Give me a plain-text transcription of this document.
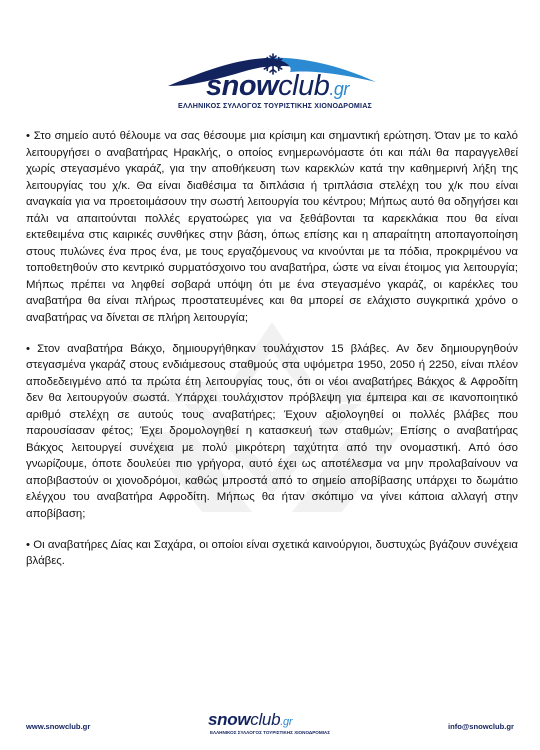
snowclub.gr
ΕΛΛΗΝΙΚΟΣ ΣΥΛΛΟΓΟΣ ΤΟΥΡΙΣΤΙΚΗΣ ΧΙΟΝΟΔΡΟΜΙΑΣ

• Στο σημείο αυτό θέλουμε να σας θέσουμε μια κρίσιμη και σημαντική ερώτηση. Όταν με το καλό λειτουργήσει ο αναβατήρας Ηρακλής, ο οποίος ενημερωνόμαστε ότι και πάλι θα παραγγελθεί χωρίς στεγασμένο γκαράζ, για την αποθήκευση των καρεκλών κατά την καθημερινή λήξη της λειτουργίας του χ/κ. Θα είναι διαθέσιμα τα διπλάσια ή τριπλάσια στελέχη του χ/κ που είναι αναγκαία για να προετοιμάσουν την σωστή λειτουργία του κέντρου; Μήπως αυτό θα οδηγήσει και πάλι να απαιτούνται πολλές εργατοώρες για να ξεθάβονται τα καρεκλάκια που θα είναι εκτεθειμένα στις καιρικές συνθήκες στην βάση, όπως επίσης και η απαραίτητη αποπαγοποίηση στους πυλώνες ένα προς ένα, με τους εργαζόμενους να κινούνται με τα πόδια, προκριμένου να τοποθετηθούν στο κεντρικό συρματόσχοινο του αναβατήρα, ώστε να είναι έτοιμος για λειτουργία; Μήπως πρέπει να ληφθεί σοβαρά υπόψη ότι με ένα στεγασμένο γκαράζ, οι καρέκλες του αναβατήρα θα είναι πλήρως προστατευμένες και θα μπορεί σε ελάχιστο συγκριτικά χρόνο ο αναβατήρας να δίνεται σε πλήρη λειτουργία;

• Στον αναβατήρα Βάκχο, δημιουργήθηκαν τουλάχιστον 15 βλάβες. Αν δεν δημιουργηθούν στεγασμένα γκαράζ στους ενδιάμεσους σταθμούς στα υψόμετρα 1950, 2050 ή 2250, είναι πλέον αποδεδειγμένο από τα πρώτα έτη λειτουργίας τους, ότι οι νέοι αναβατήρες Βάκχος & Αφροδίτη δεν θα λειτουργούν σωστά. Υπάρχει τουλάχιστον πρόβλεψη για έμπειρα και σε ικανοποιητικό αριθμό στελέχη σε αυτούς τους αναβατήρες; Έχουν αξιολογηθεί οι πολλές βλάβες που παρουσίασαν φέτος; Έχει δρομολογηθεί η κατασκευή των σταθμών; Επίσης ο αναβατήρας Βάκχος λειτουργεί συνέχεια με πολύ μικρότερη ταχύτητα από την ονομαστική. Από όσο γνωρίζουμε, όποτε δουλεύει πιο γρήγορα, αυτό έχει ως αποτέλεσμα να μην προλαβαίνουν να αποβιβαστούν οι χιονοδρόμοι, καθώς μπροστά από το σημείο αποβίβασης υπάρχει το δωμάτιο ελέγχου του αναβατήρα Αφροδίτη. Μήπως θα ήταν σκόπιμο να γίνει κάποια αλλαγή στην αποβίβαση;

• Οι αναβατήρες Δίας και Σαχάρα, οι οποίοι είναι σχετικά καινούργιοι, δυστυχώς βγάζουν συνέχεια βλάβες.

www.snowclub.gr	snowclub.gr
ΕΛΛΗΝΙΚΟΣ ΣΥΛΛΟΓΟΣ ΤΟΥΡΙΣΤΙΚΗΣ ΧΙΟΝΟΔΡΟΜΙΑΣ
info@snowclub.gr
